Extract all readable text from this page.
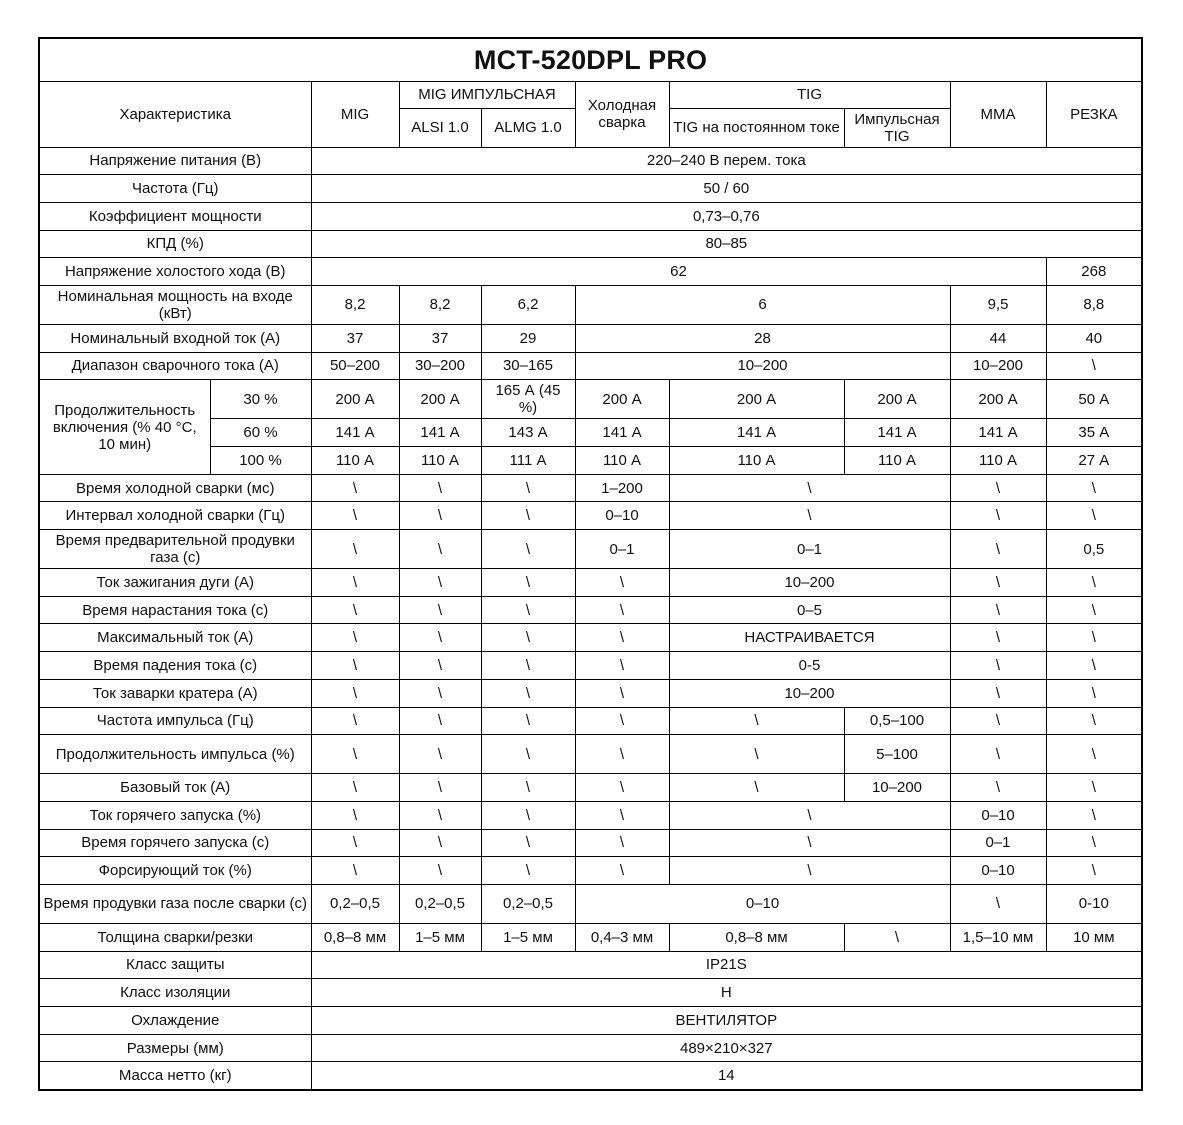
MCT-520DPL PRO									
Характеристика		MIG	MIG ИМПУЛЬСНАЯ		Холодная сварка	TIG		MMA	РЕЗКА
			ALSI 1.0	ALMG 1.0		TIG на постоянном токе	Импульсная TIG		
Напряжение питания (В)		220–240 В перем. тока							
Частота (Гц)		50 / 60							
Коэффициент мощности		0,73–0,76							
КПД (%)		80–85							
Напряжение холостого хода (В)		62							268
Номинальная мощность на входе (кВт)		8,2	8,2	6,2	6			9,5	8,8
Номинальный входной ток (А)		37	37	29	28			44	40
Диапазон сварочного тока (А)		50–200	30–200	30–165	10–200			10–200	\
Продолжительность включения (% 40 °С, 10 мин)	30 %	200 А	200 А	165 А (45 %)	200 А	200 А	200 А	200 А	50 А
	60 %	141 А	141 А	143 А	141 А	141 А	141 А	141 А	35 А
	100 %	110 А	110 А	111 А	110 А	110 А	110 А	110 А	27 А
Время холодной сварки (мс)		\	\	\	1–200	\		\	\
Интервал холодной сварки (Гц)		\	\	\	0–10	\		\	\
Время предварительной продувки газа (с)		\	\	\	0–1	0–1		\	0,5
Ток зажигания дуги (А)		\	\	\	\	10–200		\	\
Время нарастания тока (с)		\	\	\	\	0–5		\	\
Максимальный ток (А)		\	\	\	\	НАСТРАИВАЕТСЯ		\	\
Время падения тока (с)		\	\	\	\	0-5		\	\
Ток заварки кратера (А)		\	\	\	\	10–200		\	\
Частота импульса (Гц)		\	\	\	\	\	0,5–100	\	\
Продолжительность импульса (%)		\	\	\	\	\	5–100	\	\
Базовый ток (А)		\	\	\	\	\	10–200	\	\
Ток горячего запуска (%)		\	\	\	\	\		0–10	\
Время горячего запуска (с)		\	\	\	\	\		0–1	\
Форсирующий ток (%)		\	\	\	\	\		0–10	\
Время продувки газа после сварки (с)		0,2–0,5	0,2–0,5	0,2–0,5	0–10			\	0-10
Толщина сварки/резки		0,8–8 мм	1–5 мм	1–5 мм	0,4–3 мм	0,8–8 мм	\	1,5–10 мм	10 мм
Класс защиты		IP21S							
Класс изоляции		H							
Охлаждение		ВЕНТИЛЯТОР							
Размеры (мм)		489×210×327							
Масса нетто (кг)		14							
